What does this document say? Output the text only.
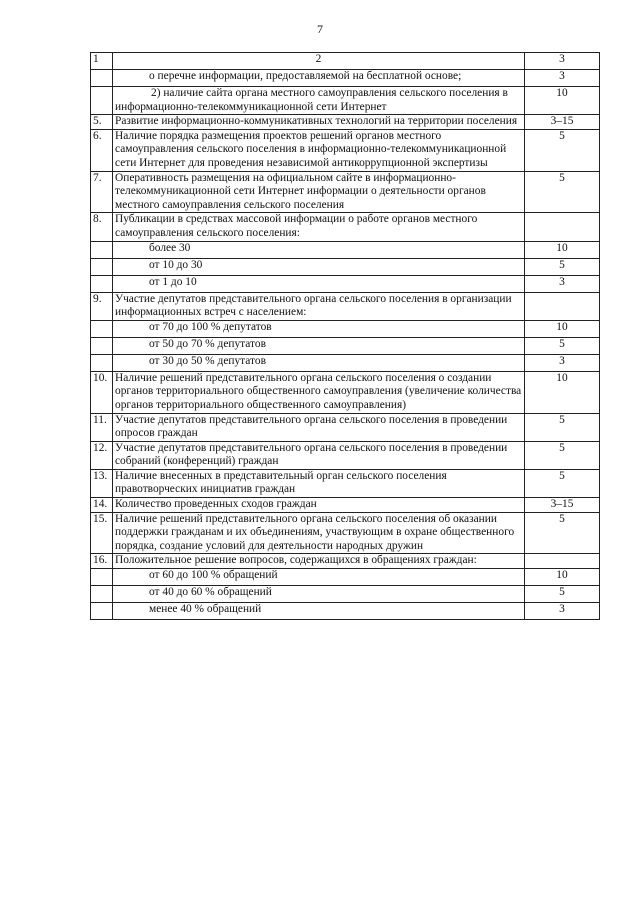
7
1	2	3
	о перечне информации, предоставляемой на бесплатной основе;	3
	2) наличие сайта органа местного самоуправления сельского поселения в информационно-телекоммуникационной сети Интернет	10
5.	Развитие информационно-коммуникативных технологий на территории поселения	3–15
6.	Наличие порядка размещения проектов решений органов местного самоуправления сельского поселения в информационно-телекоммуникационной сети Интернет для проведения независимой антикоррупционной экспертизы	5
7.	Оперативность размещения на официальном сайте в информационно-телекоммуникационной сети Интернет информации о деятельности органов местного самоуправления сельского поселения	5
8.	Публикации в средствах массовой информации о работе органов местного самоуправления сельского поселения:	
	более 30	10
	от 10 до 30	5
	от 1 до 10	3
9.	Участие депутатов представительного органа сельского поселения в организации информационных встреч с населением:	
	от 70 до 100 % депутатов	10
	от 50 до 70 % депутатов	5
	от 30 до 50 % депутатов	3
10.	Наличие решений представительного органа сельского поселения о создании органов территориального общественного самоуправления (увеличение количества органов территориального общественного самоуправления)	10
11.	Участие депутатов представительного органа сельского поселения в проведении опросов граждан	5
12.	Участие депутатов представительного органа сельского поселения в проведении собраний (конференций) граждан	5
13.	Наличие внесенных в представительный орган сельского поселения правотворческих инициатив граждан	5
14.	Количество проведенных сходов граждан	3–15
15.	Наличие решений представительного органа сельского поселения об оказании поддержки гражданам и их объединениям, участвующим в охране общественного порядка, создание условий для деятельности народных дружин	5
16.	Положительное решение вопросов, содержащихся в обращениях граждан:	
	от 60 до 100 % обращений	10
	от 40 до 60 % обращений	5
	менее 40 % обращений	3
